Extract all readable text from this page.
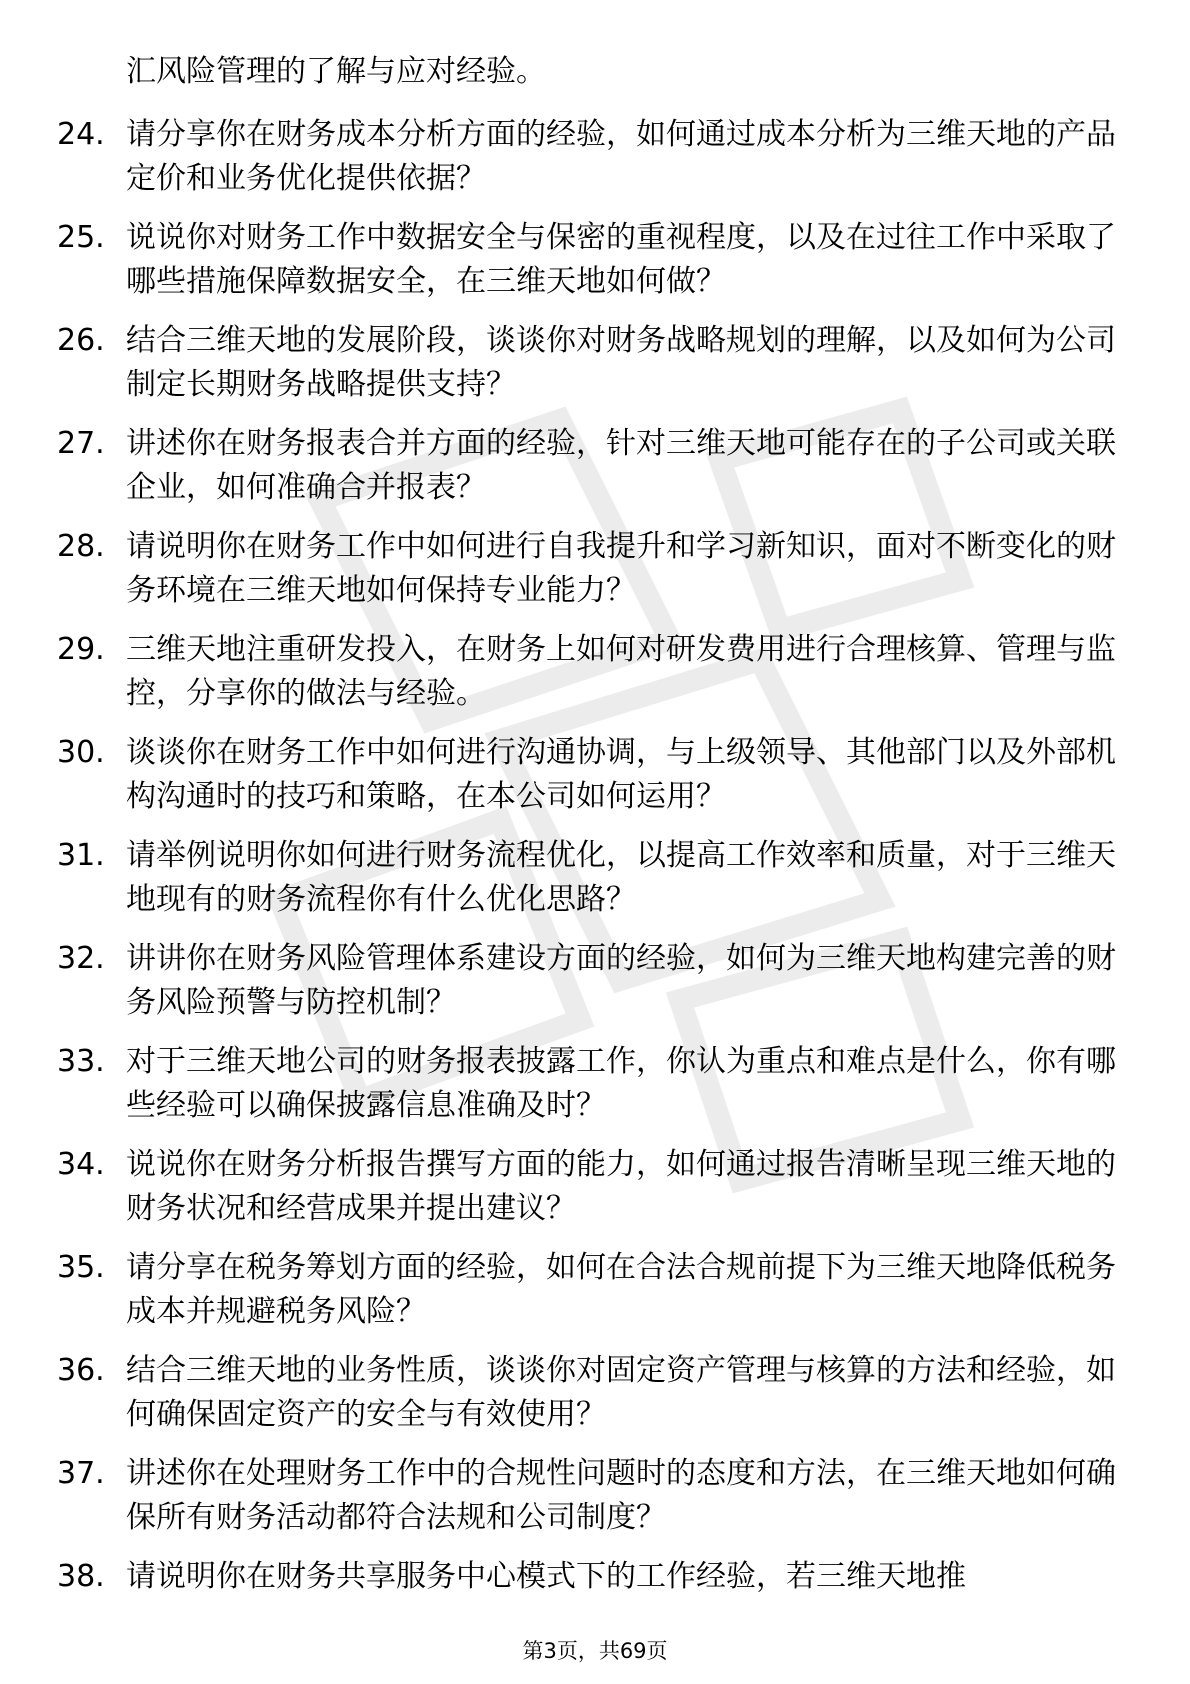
汇风险管理的了解与应对经验。

24. 请分享你在财务成本分析方面的经验，如何通过成本分析为三维天地的产品定价和业务优化提供依据？
25. 说说你对财务工作中数据安全与保密的重视程度，以及在过往工作中采取了哪些措施保障数据安全，在三维天地如何做？
26. 结合三维天地的发展阶段，谈谈你对财务战略规划的理解，以及如何为公司制定长期财务战略提供支持？
27. 讲述你在财务报表合并方面的经验，针对三维天地可能存在的子公司或关联企业，如何准确合并报表？
28. 请说明你在财务工作中如何进行自我提升和学习新知识，面对不断变化的财务环境在三维天地如何保持专业能力？
29. 三维天地注重研发投入，在财务上如何对研发费用进行合理核算、管理与监控，分享你的做法与经验。
30. 谈谈你在财务工作中如何进行沟通协调，与上级领导、其他部门以及外部机构沟通时的技巧和策略，在本公司如何运用？
31. 请举例说明你如何进行财务流程优化，以提高工作效率和质量，对于三维天地现有的财务流程你有什么优化思路？
32. 讲讲你在财务风险管理体系建设方面的经验，如何为三维天地构建完善的财务风险预警与防控机制？
33. 对于三维天地公司的财务报表披露工作，你认为重点和难点是什么，你有哪些经验可以确保披露信息准确及时？
34. 说说你在财务分析报告撰写方面的能力，如何通过报告清晰呈现三维天地的财务状况和经营成果并提出建议？
35. 请分享在税务筹划方面的经验，如何在合法合规前提下为三维天地降低税务成本并规避税务风险？
36. 结合三维天地的业务性质，谈谈你对固定资产管理与核算的方法和经验，如何确保固定资产的安全与有效使用？
37. 讲述你在处理财务工作中的合规性问题时的态度和方法，在三维天地如何确保所有财务活动都符合法规和公司制度？
38. 请说明你在财务共享服务中心模式下的工作经验，若三维天地推
第3页，共69页
